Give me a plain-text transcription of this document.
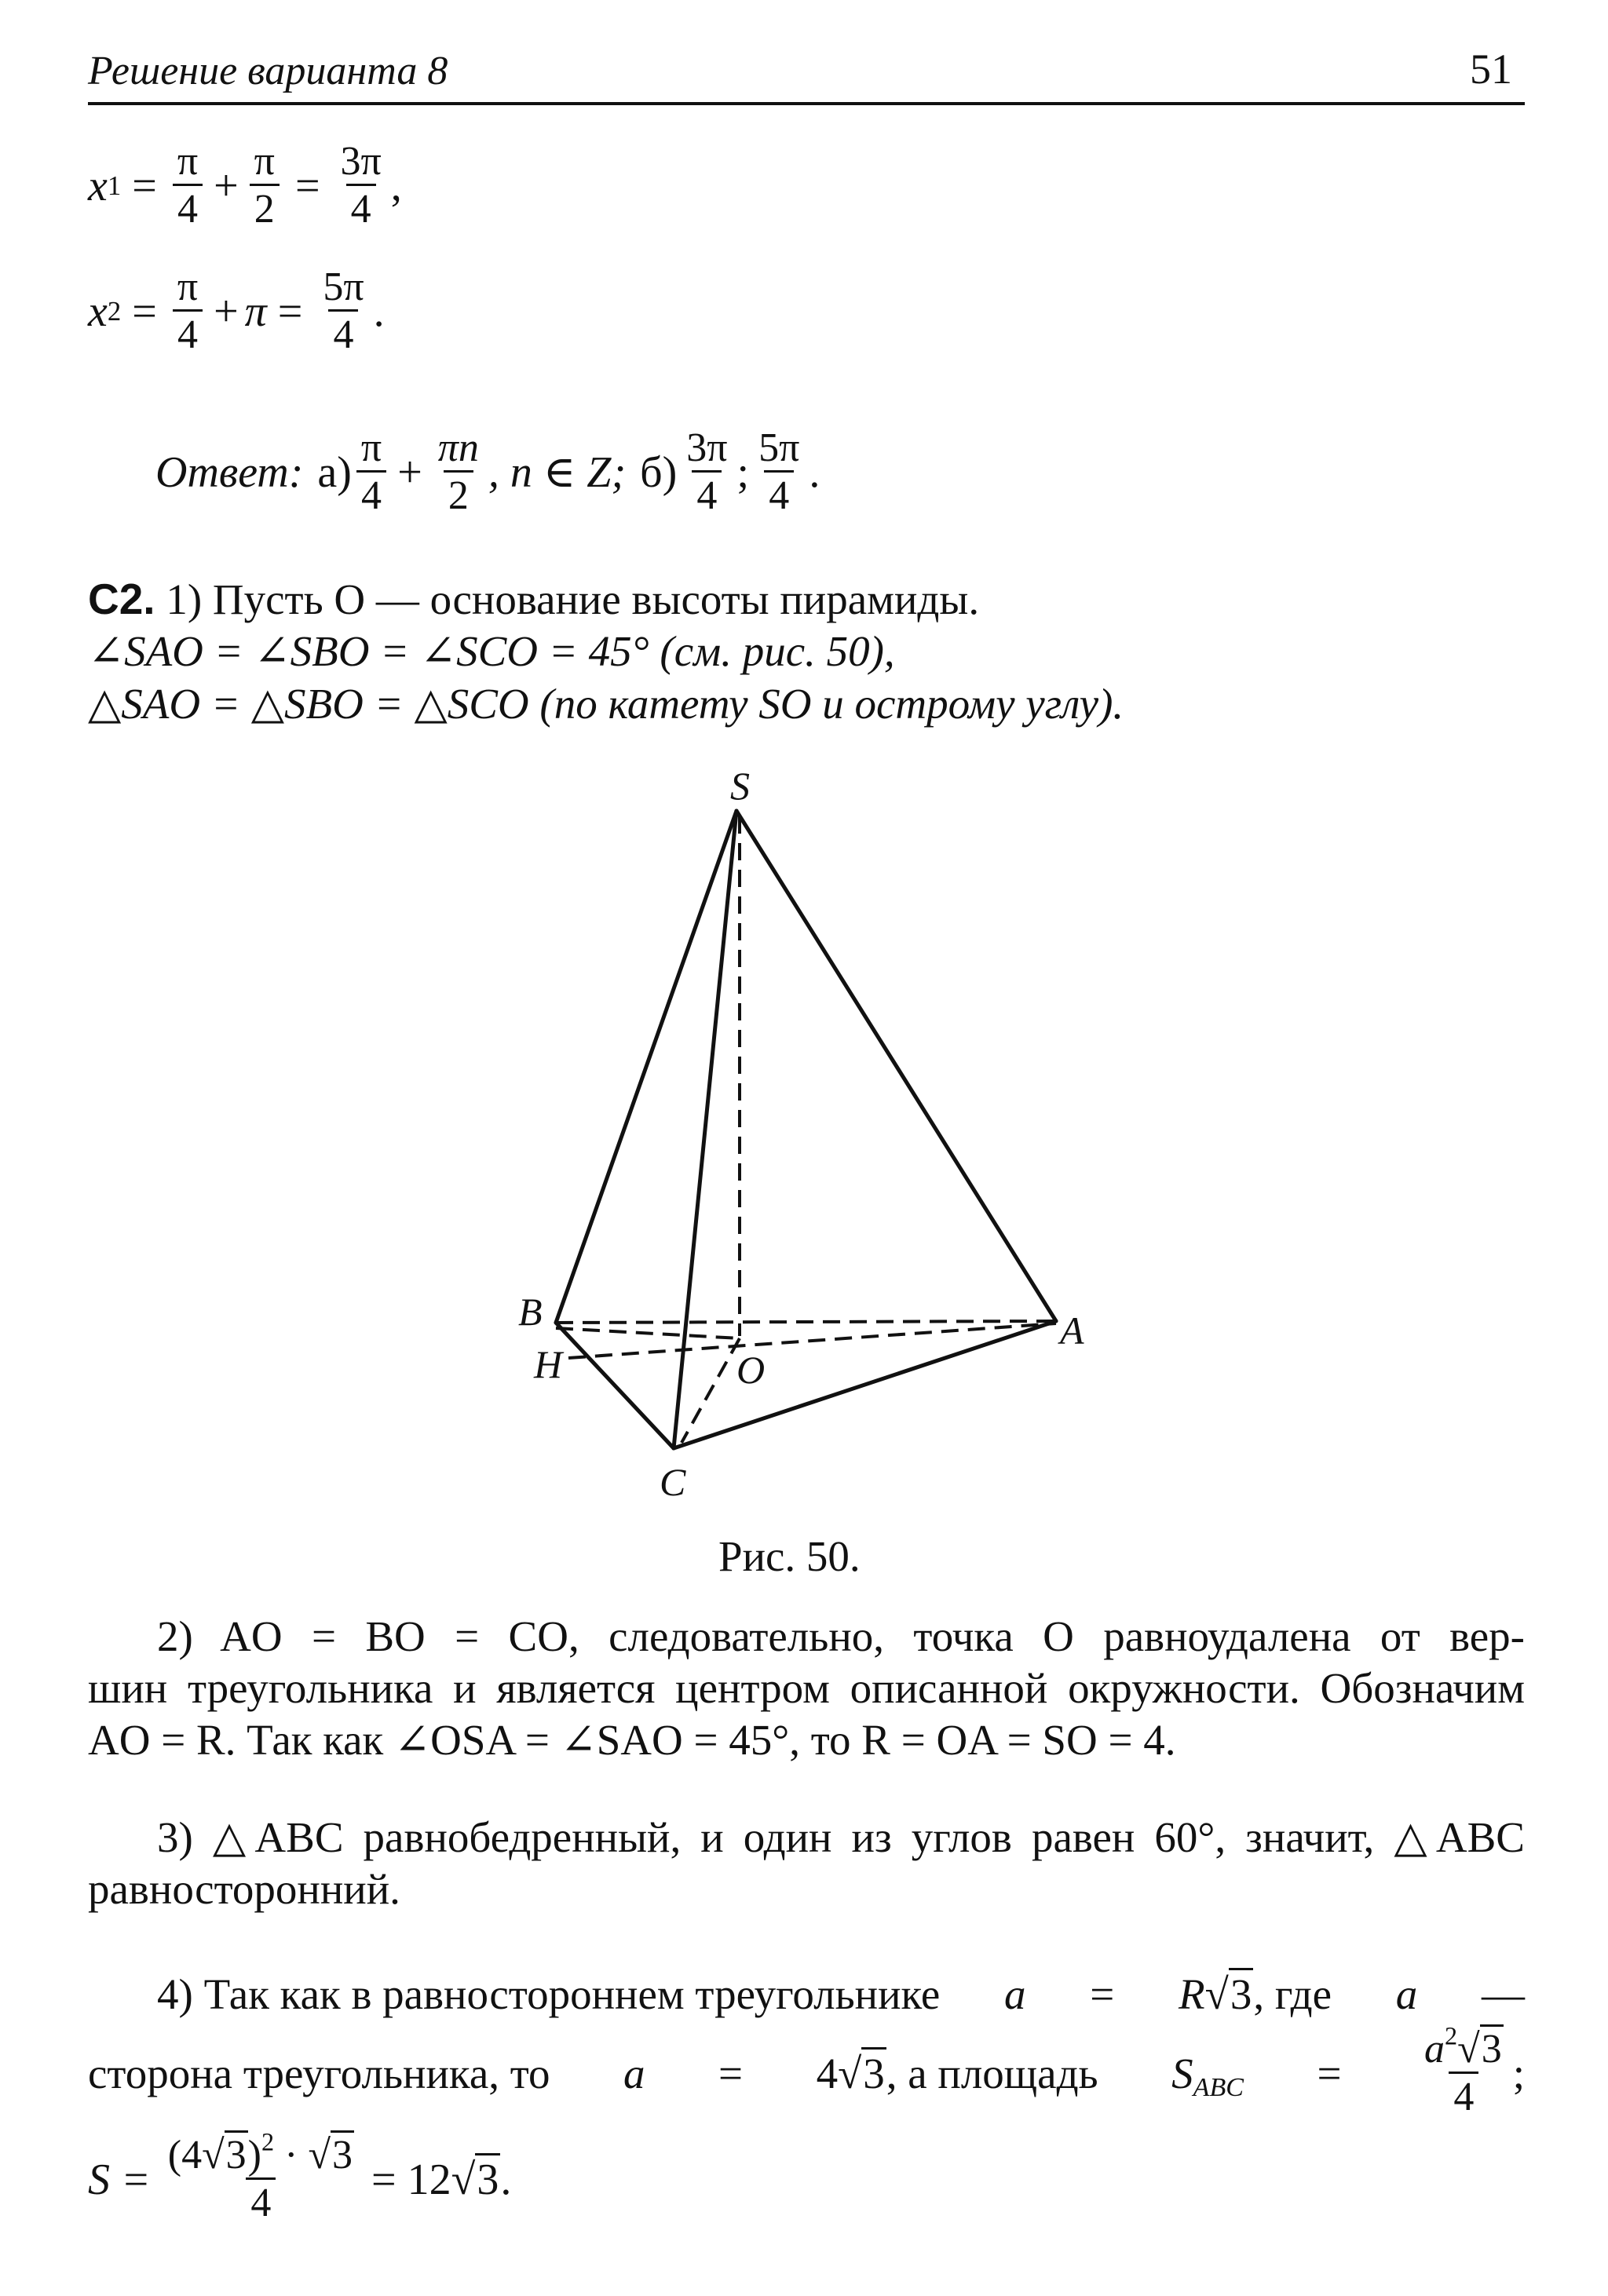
Решение варианта 8	51
x $1 = \frac{\pi}{4} + \frac{\pi}{2} = \frac{3\pi}{4}$ ,
x $2 = \frac{\pi}{4} + \pi = \frac{5\pi}{4}$ .
Ответ: $а) \frac{\pi}{4} + \frac{\pi n}{2}$ , n ∈ Z; $б) \frac{3\pi}{4}$ ; $\frac{5\pi}{4}$ .
C2. 1) Пусть O — основание высоты пирамиды.
∠SAO = ∠SBO = ∠SCO = 45° (см. рис. 50),
△SAO = △SBO = △SCO (по катету SO и острому углу).
S
B	A
H	O
C
Рис. 50.
2) AO = BO = CO, следовательно, точка O равноудалена от вер-
шин треугольника и является центром описанной окружности. Обозначим
AO = R. Так как ∠OSA = ∠SAO = 45°, то R = OA = SO = 4.
3) △ABC равнобедренный, и один из углов равен 60°, значит, △ABC
равносторонний.
4) Так как в равностороннем треугольнике a = R√3, где a —
сторона треугольника, то a = 4√3, а площадь $S_{ABC} = \frac{a^2√3}{4}$ ;
$S = \frac{(4√3)^2 \cdot √3}{4} = 12√3$.
